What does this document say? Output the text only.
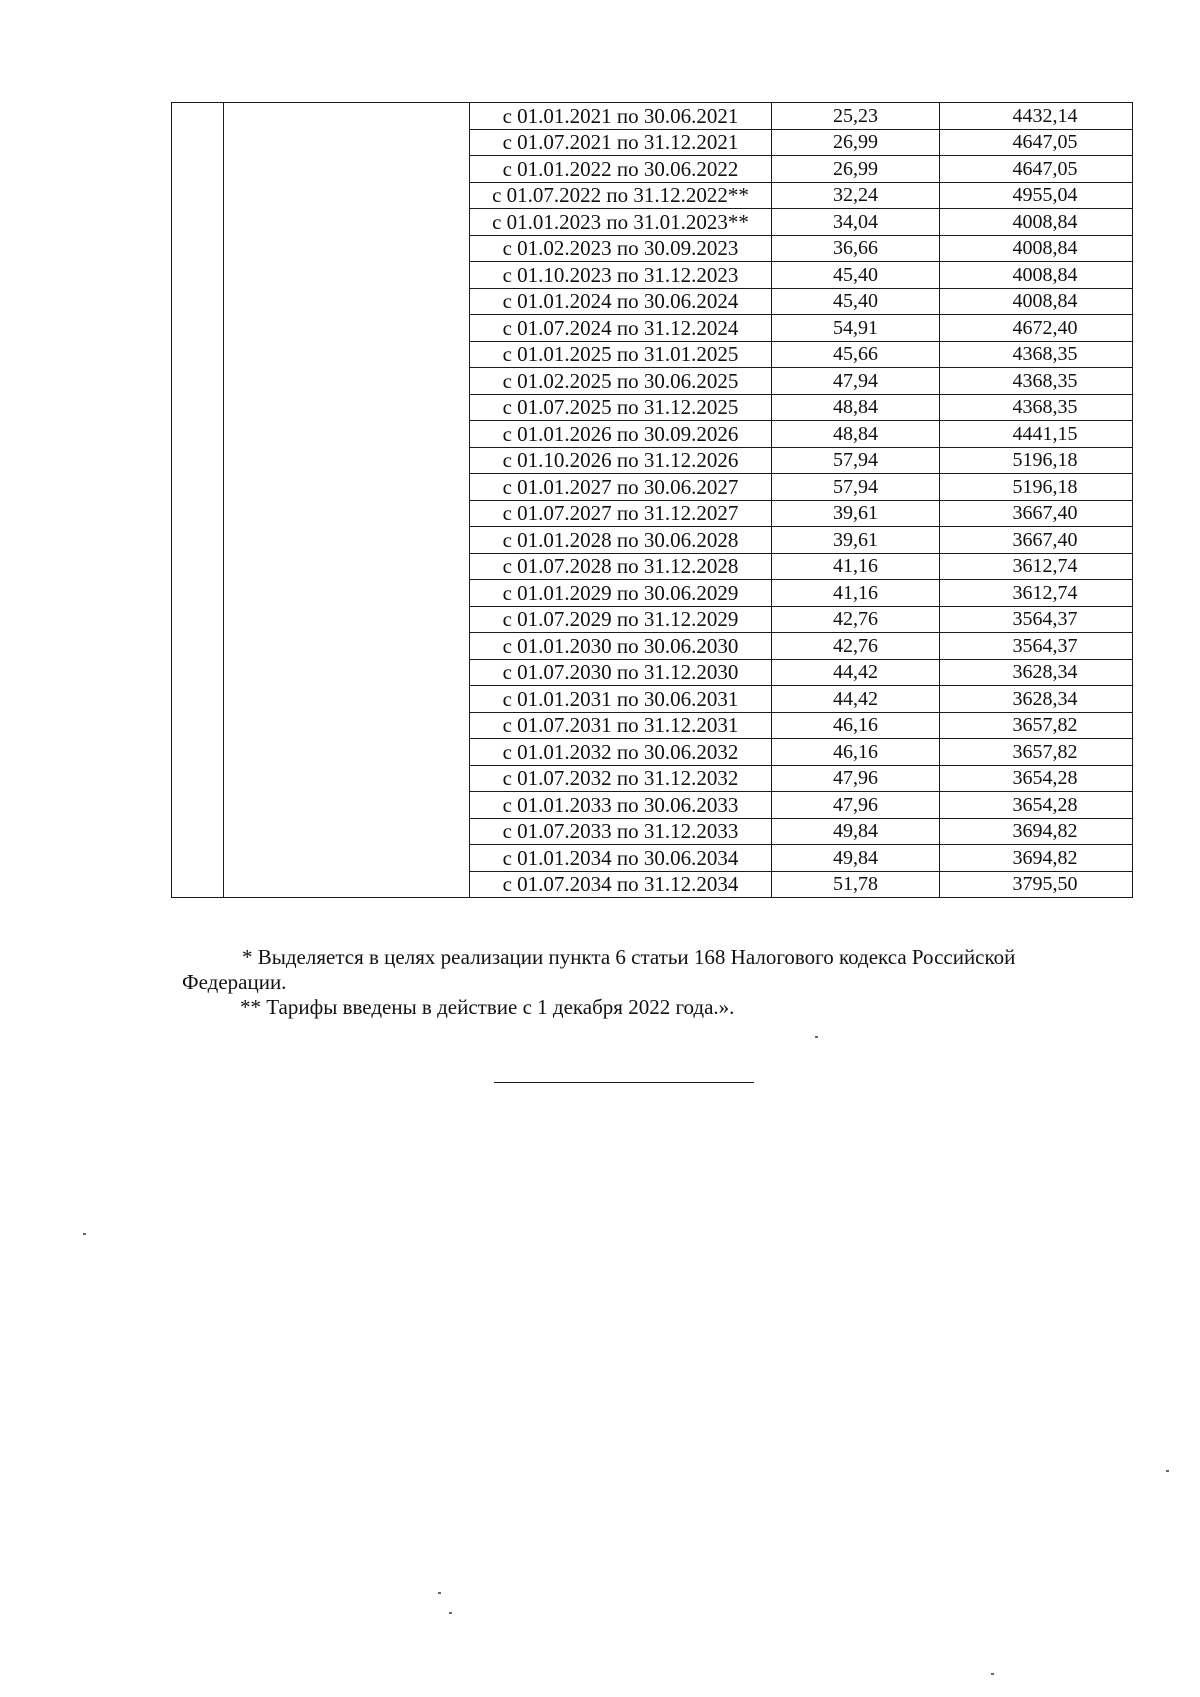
		с 01.01.2021 по 30.06.2021	25,23	4432,14
		с 01.07.2021 по 31.12.2021	26,99	4647,05
		с 01.01.2022 по 30.06.2022	26,99	4647,05
		с 01.07.2022 по 31.12.2022**	32,24	4955,04
		с 01.01.2023 по 31.01.2023**	34,04	4008,84
		с 01.02.2023 по 30.09.2023	36,66	4008,84
		с 01.10.2023 по 31.12.2023	45,40	4008,84
		с 01.01.2024 по 30.06.2024	45,40	4008,84
		с 01.07.2024 по 31.12.2024	54,91	4672,40
		с 01.01.2025 по 31.01.2025	45,66	4368,35
		с 01.02.2025 по 30.06.2025	47,94	4368,35
		с 01.07.2025 по 31.12.2025	48,84	4368,35
		с 01.01.2026 по 30.09.2026	48,84	4441,15
		с 01.10.2026 по 31.12.2026	57,94	5196,18
		с 01.01.2027 по 30.06.2027	57,94	5196,18
		с 01.07.2027 по 31.12.2027	39,61	3667,40
		с 01.01.2028 по 30.06.2028	39,61	3667,40
		с 01.07.2028 по 31.12.2028	41,16	3612,74
		с 01.01.2029 по 30.06.2029	41,16	3612,74
		с 01.07.2029 по 31.12.2029	42,76	3564,37
		с 01.01.2030 по 30.06.2030	42,76	3564,37
		с 01.07.2030 по 31.12.2030	44,42	3628,34
		с 01.01.2031 по 30.06.2031	44,42	3628,34
		с 01.07.2031 по 31.12.2031	46,16	3657,82
		с 01.01.2032 по 30.06.2032	46,16	3657,82
		с 01.07.2032 по 31.12.2032	47,96	3654,28
		с 01.01.2033 по 30.06.2033	47,96	3654,28
		с 01.07.2033 по 31.12.2033	49,84	3694,82
		с 01.01.2034 по 30.06.2034	49,84	3694,82
		с 01.07.2034 по 31.12.2034	51,78	3795,50
* Выделяется в целях реализации пункта 6 статьи 168 Налогового кодекса Российской Федерации.
** Тарифы введены в действие с 1 декабря 2022 года.».
